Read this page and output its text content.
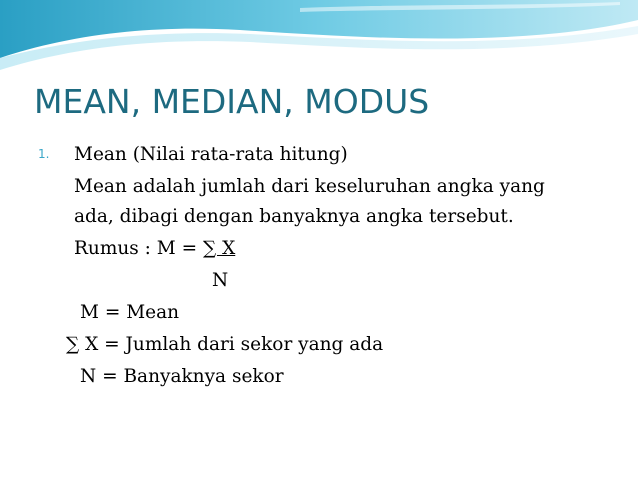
MEAN, MEDIAN, MODUS
1. Mean (Nilai rata-rata hitung)

Mean adalah jumlah dari keseluruhan angka yang

ada, dibagi dengan banyaknya angka tersebut.

Rumus : M = ∑ X

N

M = Mean

∑ X = Jumlah dari sekor yang ada

N = Banyaknya sekor
